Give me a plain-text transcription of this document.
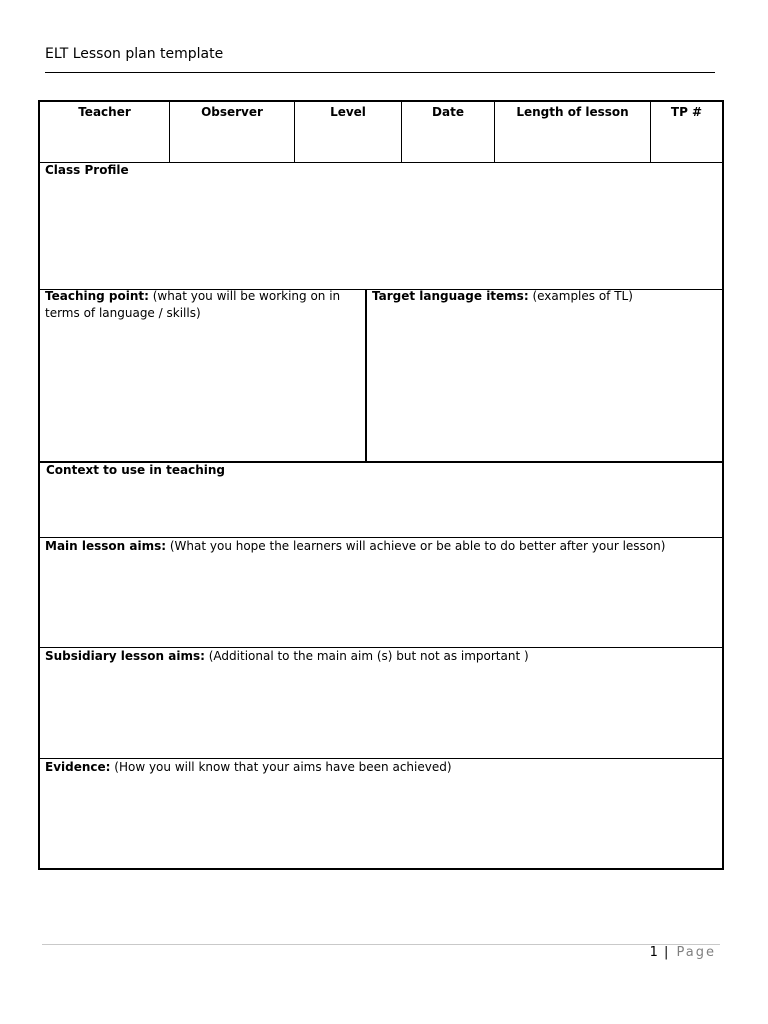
ELT Lesson plan template
Teacher	Observer	Level	Date	Length of lesson	TP #
Class Profile
Teaching point: (what you will be working on in terms of language / skills)
Target language items: (examples of TL)
Context to use in teaching
Main lesson aims: (What you hope the learners will achieve or be able to do better after your lesson)
Subsidiary lesson aims: (Additional to the main aim (s) but not as important )
Evidence: (How you will know that your aims have been achieved)
1 | Page
